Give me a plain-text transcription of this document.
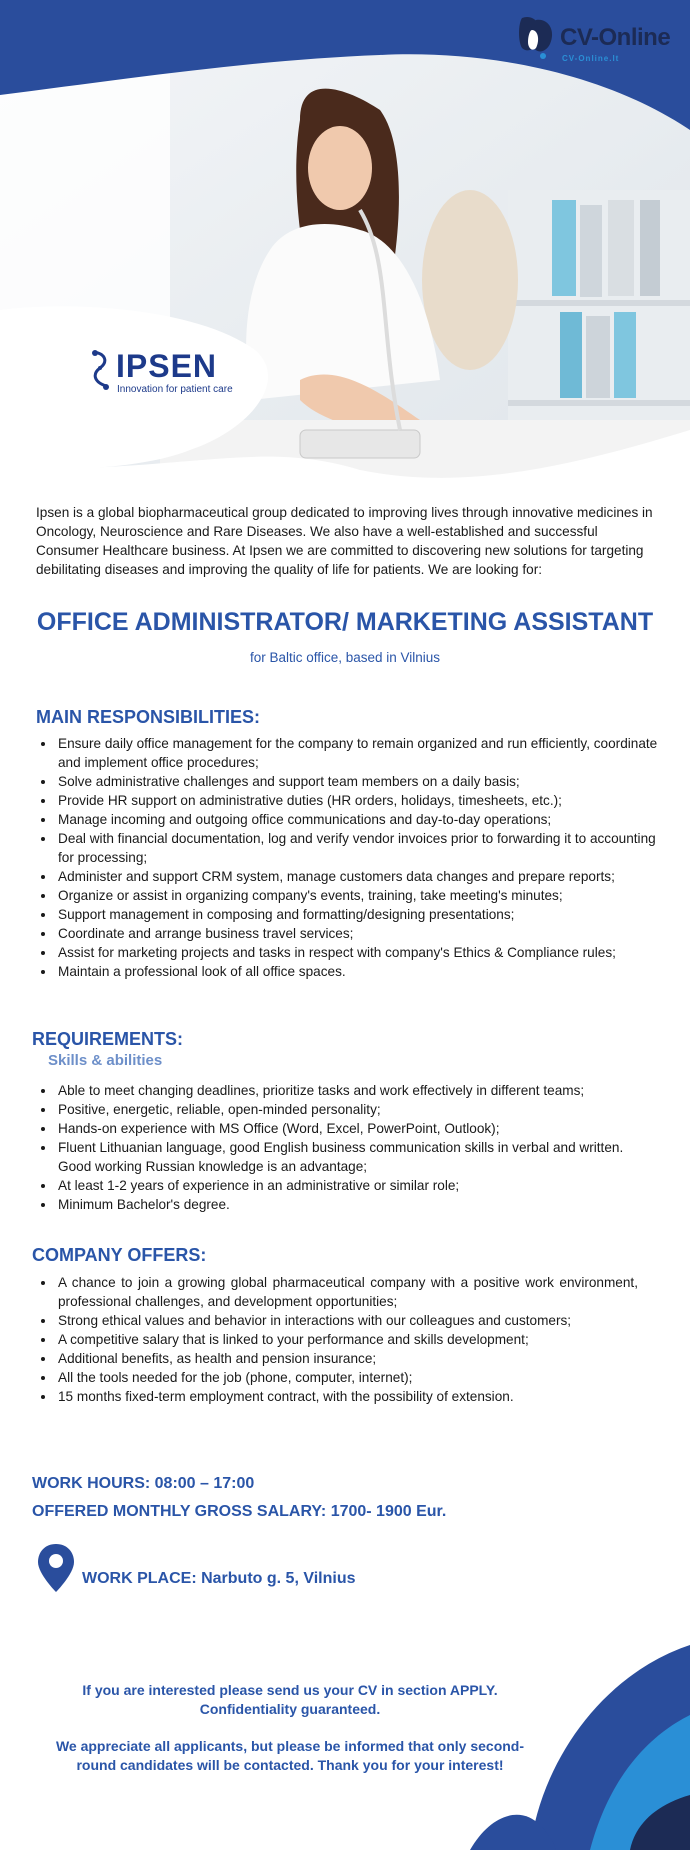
CV-Online
CV-Online.lt
IPSEN
Innovation for patient care

Ipsen is a global biopharmaceutical group dedicated to improving lives through innovative medicines in Oncology, Neuroscience and Rare Diseases. We also have a well-established and successful Consumer Healthcare business. At Ipsen we are committed to discovering new solutions for targeting debilitating diseases and improving the quality of life for patients. We are looking for:

OFFICE ADMINISTRATOR/ MARKETING ASSISTANT

for Baltic office, based in Vilnius

MAIN RESPONSIBILITIES:
• Ensure daily office management for the company to remain organized and run efficiently, coordinate and implement office procedures;
• Solve administrative challenges and support team members on a daily basis;
• Provide HR support on administrative duties (HR orders, holidays, timesheets, etc.);
• Manage incoming and outgoing office communications and day-to-day operations;
• Deal with financial documentation, log and verify vendor invoices prior to forwarding it to accounting for processing;
• Administer and support CRM system, manage customers data changes and prepare reports;
• Organize or assist in organizing company's events, training, take meeting's minutes;
• Support management in composing and formatting/designing presentations;
• Coordinate and arrange business travel services;
• Assist for marketing projects and tasks in respect with company's Ethics & Compliance rules;
• Maintain a professional look of all office spaces.
REQUIREMENTS:
Skills & abilities
• Able to meet changing deadlines, prioritize tasks and work effectively in different teams;
• Positive, energetic, reliable, open-minded personality;
• Hands-on experience with MS Office (Word, Excel, PowerPoint, Outlook);
• Fluent Lithuanian language, good English business communication skills in verbal and written. Good working Russian knowledge is an advantage;
• At least 1-2 years of experience in an administrative or similar role;
• Minimum Bachelor's degree.
COMPANY OFFERS:
• A chance to join a growing global pharmaceutical company with a positive work environment, professional challenges, and development opportunities;
• Strong ethical values and behavior in interactions with our colleagues and customers;
• A competitive salary that is linked to your performance and skills development;
• Additional benefits, as health and pension insurance;
• All the tools needed for the job (phone, computer, internet);
• 15 months fixed-term employment contract, with the possibility of extension.

WORK HOURS: 08:00 – 17:00

OFFERED MONTHLY GROSS SALARY: 1700- 1900 Eur.

WORK PLACE: Narbuto g. 5, Vilnius

If you are interested please send us your CV in section APPLY. Confidentiality guaranteed.

We appreciate all applicants, but please be informed that only second-round candidates will be contacted. Thank you for your interest!
